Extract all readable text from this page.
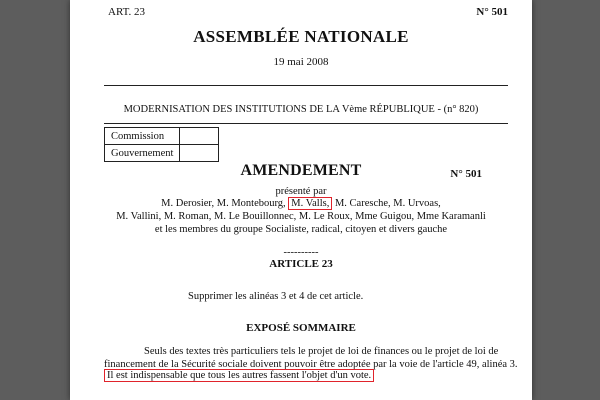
ART. 23	N° 501
ASSEMBLÉE NATIONALE
19 mai 2008
MODERNISATION DES INSTITUTIONS DE LA Vème RÉPUBLIQUE - (n° 820)
Commission	
Gouvernement	
AMENDEMENT	N° 501
présenté par
M. Derosier, M. Montebourg, M. Valls, M. Caresche, M. Urvoas,
M. Vallini, M. Roman, M. Le Bouillonnec, M. Le Roux, Mme Guigou, Mme Karamanli
et les membres du groupe Socialiste, radical, citoyen et divers gauche
----------
ARTICLE 23
Supprimer les alinéas 3 et 4 de cet article.
EXPOSÉ SOMMAIRE
Seuls des textes très particuliers tels le projet de loi de finances ou le projet de loi de
financement de la Sécurité sociale doivent pouvoir être adoptée par la voie de l'article 49, alinéa 3.
Il est indispensable que tous les autres fassent l'objet d'un vote.
